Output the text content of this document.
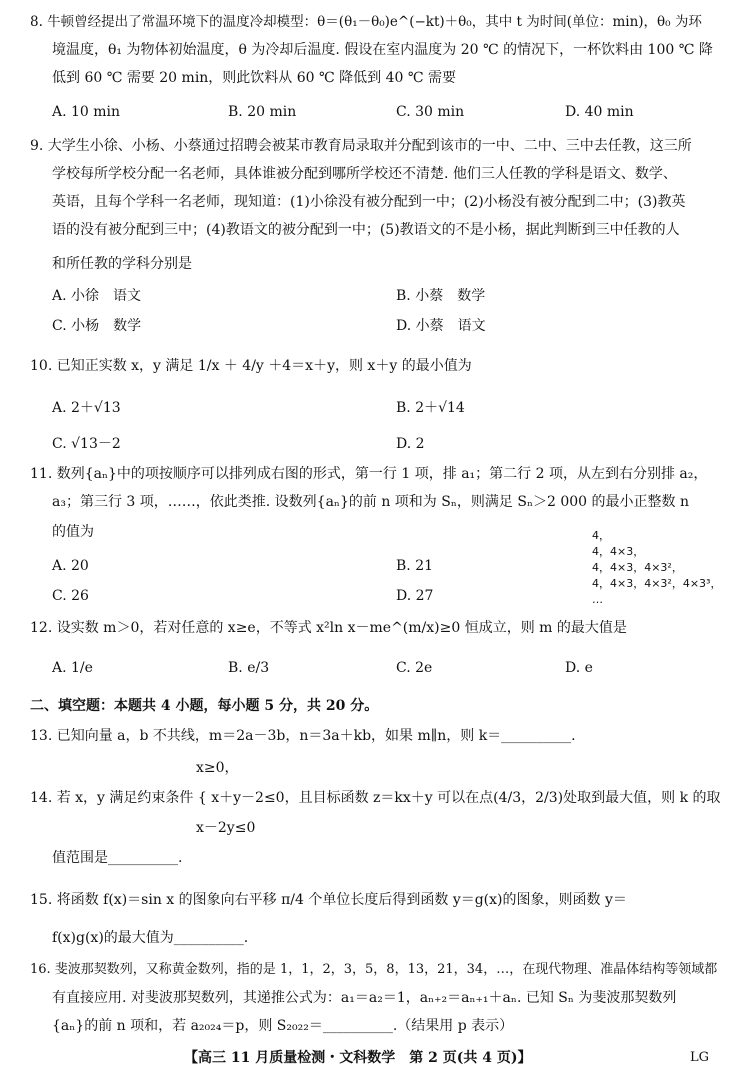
8. 牛顿曾经提出了常温环境下的温度冷却模型：θ＝(θ₁－θ₀)e^(−kt)＋θ₀，其中 t 为时间(单位：min)，θ₀ 为环
境温度，θ₁ 为物体初始温度，θ 为冷却后温度. 假设在室内温度为 20 ℃ 的情况下，一杯饮料由 100 ℃ 降
低到 60 ℃ 需要 20 min，则此饮料从 60 ℃ 降低到 40 ℃ 需要
A. 10 min	B. 20 min	C. 30 min	D. 40 min
9. 大学生小徐、小杨、小蔡通过招聘会被某市教育局录取并分配到该市的一中、二中、三中去任教，这三所
学校每所学校分配一名老师，具体谁被分配到哪所学校还不清楚. 他们三人任教的学科是语文、数学、
英语，且每个学科一名老师，现知道：(1)小徐没有被分配到一中；(2)小杨没有被分配到二中；(3)教英
语的没有被分配到三中；(4)教语文的被分配到一中；(5)教语文的不是小杨，据此判断到三中任教的人
和所任教的学科分别是
A. 小徐　语文	B. 小蔡　数学
C. 小杨　数学	D. 小蔡　语文
10. 已知正实数 x，y 满足 1/x ＋ 4/y ＋4＝x＋y，则 x＋y 的最小值为
A. 2＋√13	B. 2＋√14
C. √13－2	D. 2
11. 数列{aₙ}中的项按顺序可以排列成右图的形式，第一行 1 项，排 a₁；第二行 2 项，从左到右分别排 a₂，
a₃；第三行 3 项，……，依此类推. 设数列{aₙ}的前 n 项和为 Sₙ，则满足 Sₙ＞2 000 的最小正整数 n
的值为
A. 20	B. 21
C. 26	D. 27
4，
4，4×3，
4，4×3，4×3²，
4，4×3，4×3²，4×3³，
…
12. 设实数 m＞0，若对任意的 x≥e，不等式 x²ln x－me^(m/x)≥0 恒成立，则 m 的最大值是
A. 1/e	B. e/3	C. 2e	D. e
二、填空题：本题共 4 小题，每小题 5 分，共 20 分。
13. 已知向量 a，b 不共线，m＝2a－3b，n＝3a＋kb，如果 m∥n，则 k＝__________.
x≥0，
14. 若 x，y 满足约束条件 { x＋y－2≤0，且目标函数 z＝kx＋y 可以在点(4/3，2/3)处取到最大值，则 k 的取
x－2y≤0
值范围是__________.
15. 将函数 f(x)＝sin x 的图象向右平移 π/4 个单位长度后得到函数 y＝g(x)的图象，则函数 y＝
f(x)g(x)的最大值为__________.
16. 斐波那契数列，又称黄金数列，指的是 1，1，2，3，5，8，13，21，34，…，在现代物理、准晶体结构等领域都
有直接应用. 对斐波那契数列，其递推公式为：a₁＝a₂＝1，aₙ₊₂＝aₙ₊₁＋aₙ. 已知 Sₙ 为斐波那契数列
{aₙ}的前 n 项和，若 a₂₀₂₄＝p，则 S₂₀₂₂＝__________.（结果用 p 表示）
【高三 11 月质量检测・文科数学　第 2 页(共 4 页)】	LG
